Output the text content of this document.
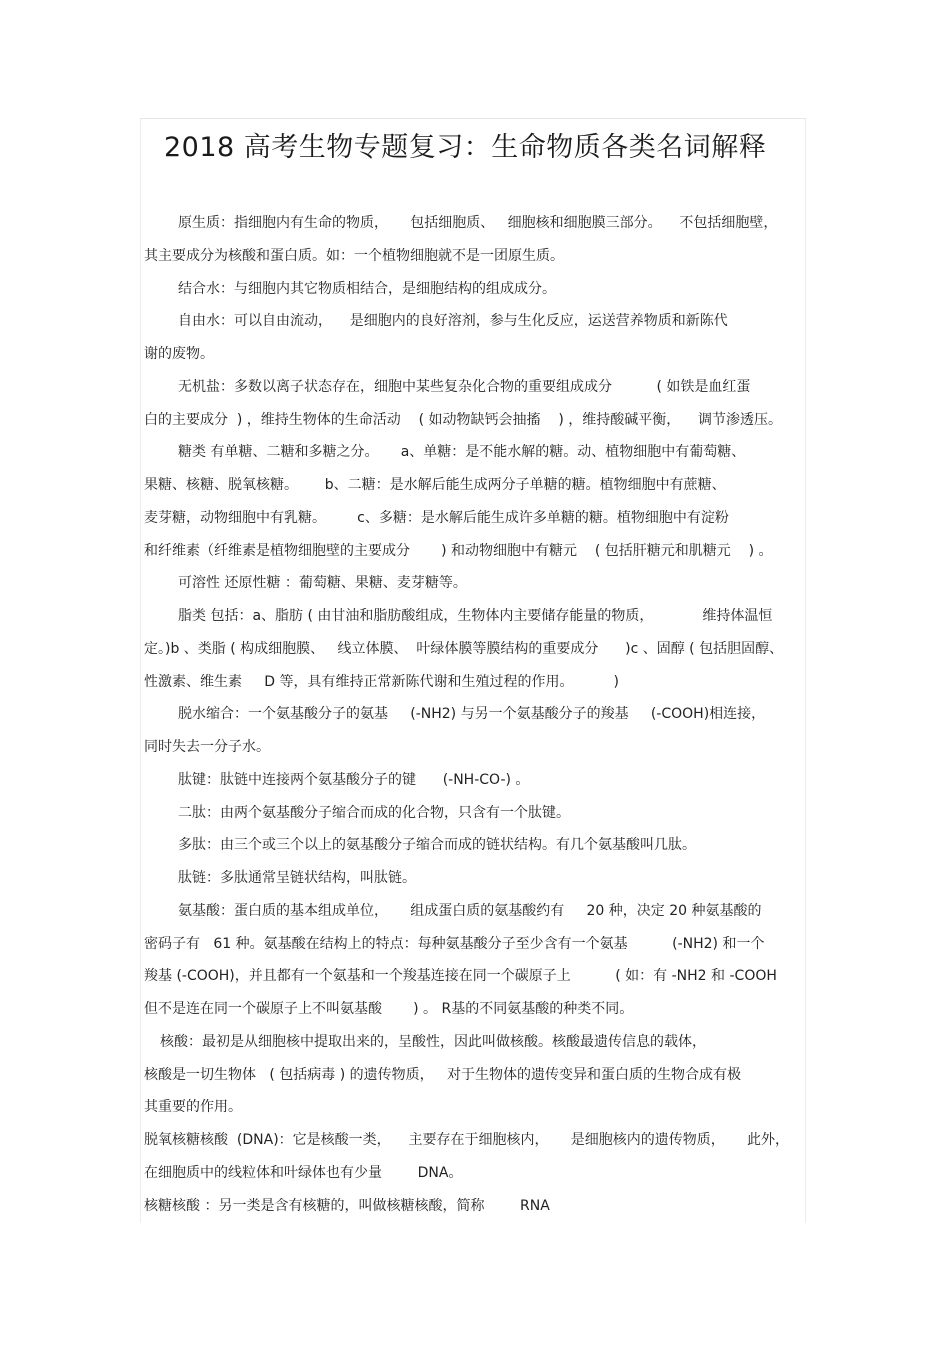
2018 高考生物专题复习：生命物质各类名词解释
原生质：指细胞内有生命的物质，     包括细胞质、   细胞核和细胞膜三部分。    不包括细胞壁，
其主要成分为核酸和蛋白质。如：一个植物细胞就不是一团原生质。
结合水：与细胞内其它物质相结合，是细胞结构的组成成分。
自由水：可以自由流动，    是细胞内的良好溶剂，参与生化反应，运送营养物质和新陈代
谢的废物。
无机盐：多数以离子状态存在，细胞中某些复杂化合物的重要组成成分          ( 如铁是血红蛋
白的主要成分  ) ，维持生物体的生命活动    ( 如动物缺钙会抽搐    ) ，维持酸碱平衡，    调节渗透压。
糖类 有单糖、二糖和多糖之分。     a、单糖：是不能水解的糖。动、植物细胞中有葡萄糖、
果糖、核糖、脱氧核糖。      b、二糖：是水解后能生成两分子单糖的糖。植物细胞中有蔗糖、
麦芽糖，动物细胞中有乳糖。       c、多糖：是水解后能生成许多单糖的糖。植物细胞中有淀粉
和纤维素（纤维素是植物细胞壁的主要成分       ) 和动物细胞中有糖元    ( 包括肝糖元和肌糖元    ) 。
可溶性 还原性糖 ：葡萄糖、果糖、麦芽糖等。
脂类 包括：a、脂肪 ( 由甘油和脂肪酸组成，生物体内主要储存能量的物质，           维持体温恒
定。)b 、类脂 ( 构成细胞膜、   线立体膜、  叶绿体膜等膜结构的重要成分      )c 、固醇 ( 包括胆固醇、
性激素、维生素     D 等，具有维持正常新陈代谢和生殖过程的作用。         )
脱水缩合：一个氨基酸分子的氨基     (-NH2) 与另一个氨基酸分子的羧基     (-COOH)相连接，
同时失去一分子水。
肽键：肽链中连接两个氨基酸分子的键      (-NH-CO-) 。
二肽：由两个氨基酸分子缩合而成的化合物，只含有一个肽键。
多肽：由三个或三个以上的氨基酸分子缩合而成的链状结构。有几个氨基酸叫几肽。
肽链：多肽通常呈链状结构，叫肽链。
氨基酸：蛋白质的基本组成单位，     组成蛋白质的氨基酸约有     20 种，决定 20 种氨基酸的
密码子有   61 种。氨基酸在结构上的特点：每种氨基酸分子至少含有一个氨基          (-NH2) 和一个
羧基 (-COOH)，并且都有一个氨基和一个羧基连接在同一个碳原子上          ( 如：有 -NH2 和 -COOH
但不是连在同一个碳原子上不叫氨基酸       ) 。 R基的不同氨基酸的种类不同。
核酸：最初是从细胞核中提取出来的，呈酸性，因此叫做核酸。核酸最遗传信息的载体，
核酸是一切生物体   ( 包括病毒 ) 的遗传物质，   对于生物体的遗传变异和蛋白质的生物合成有极
其重要的作用。
脱氧核糖核酸  (DNA)：它是核酸一类，    主要存在于细胞核内，     是细胞核内的遗传物质，     此外，
在细胞质中的线粒体和叶绿体也有少量        DNA。
核糖核酸 ：另一类是含有核糖的，叫做核糖核酸，简称        RNA
